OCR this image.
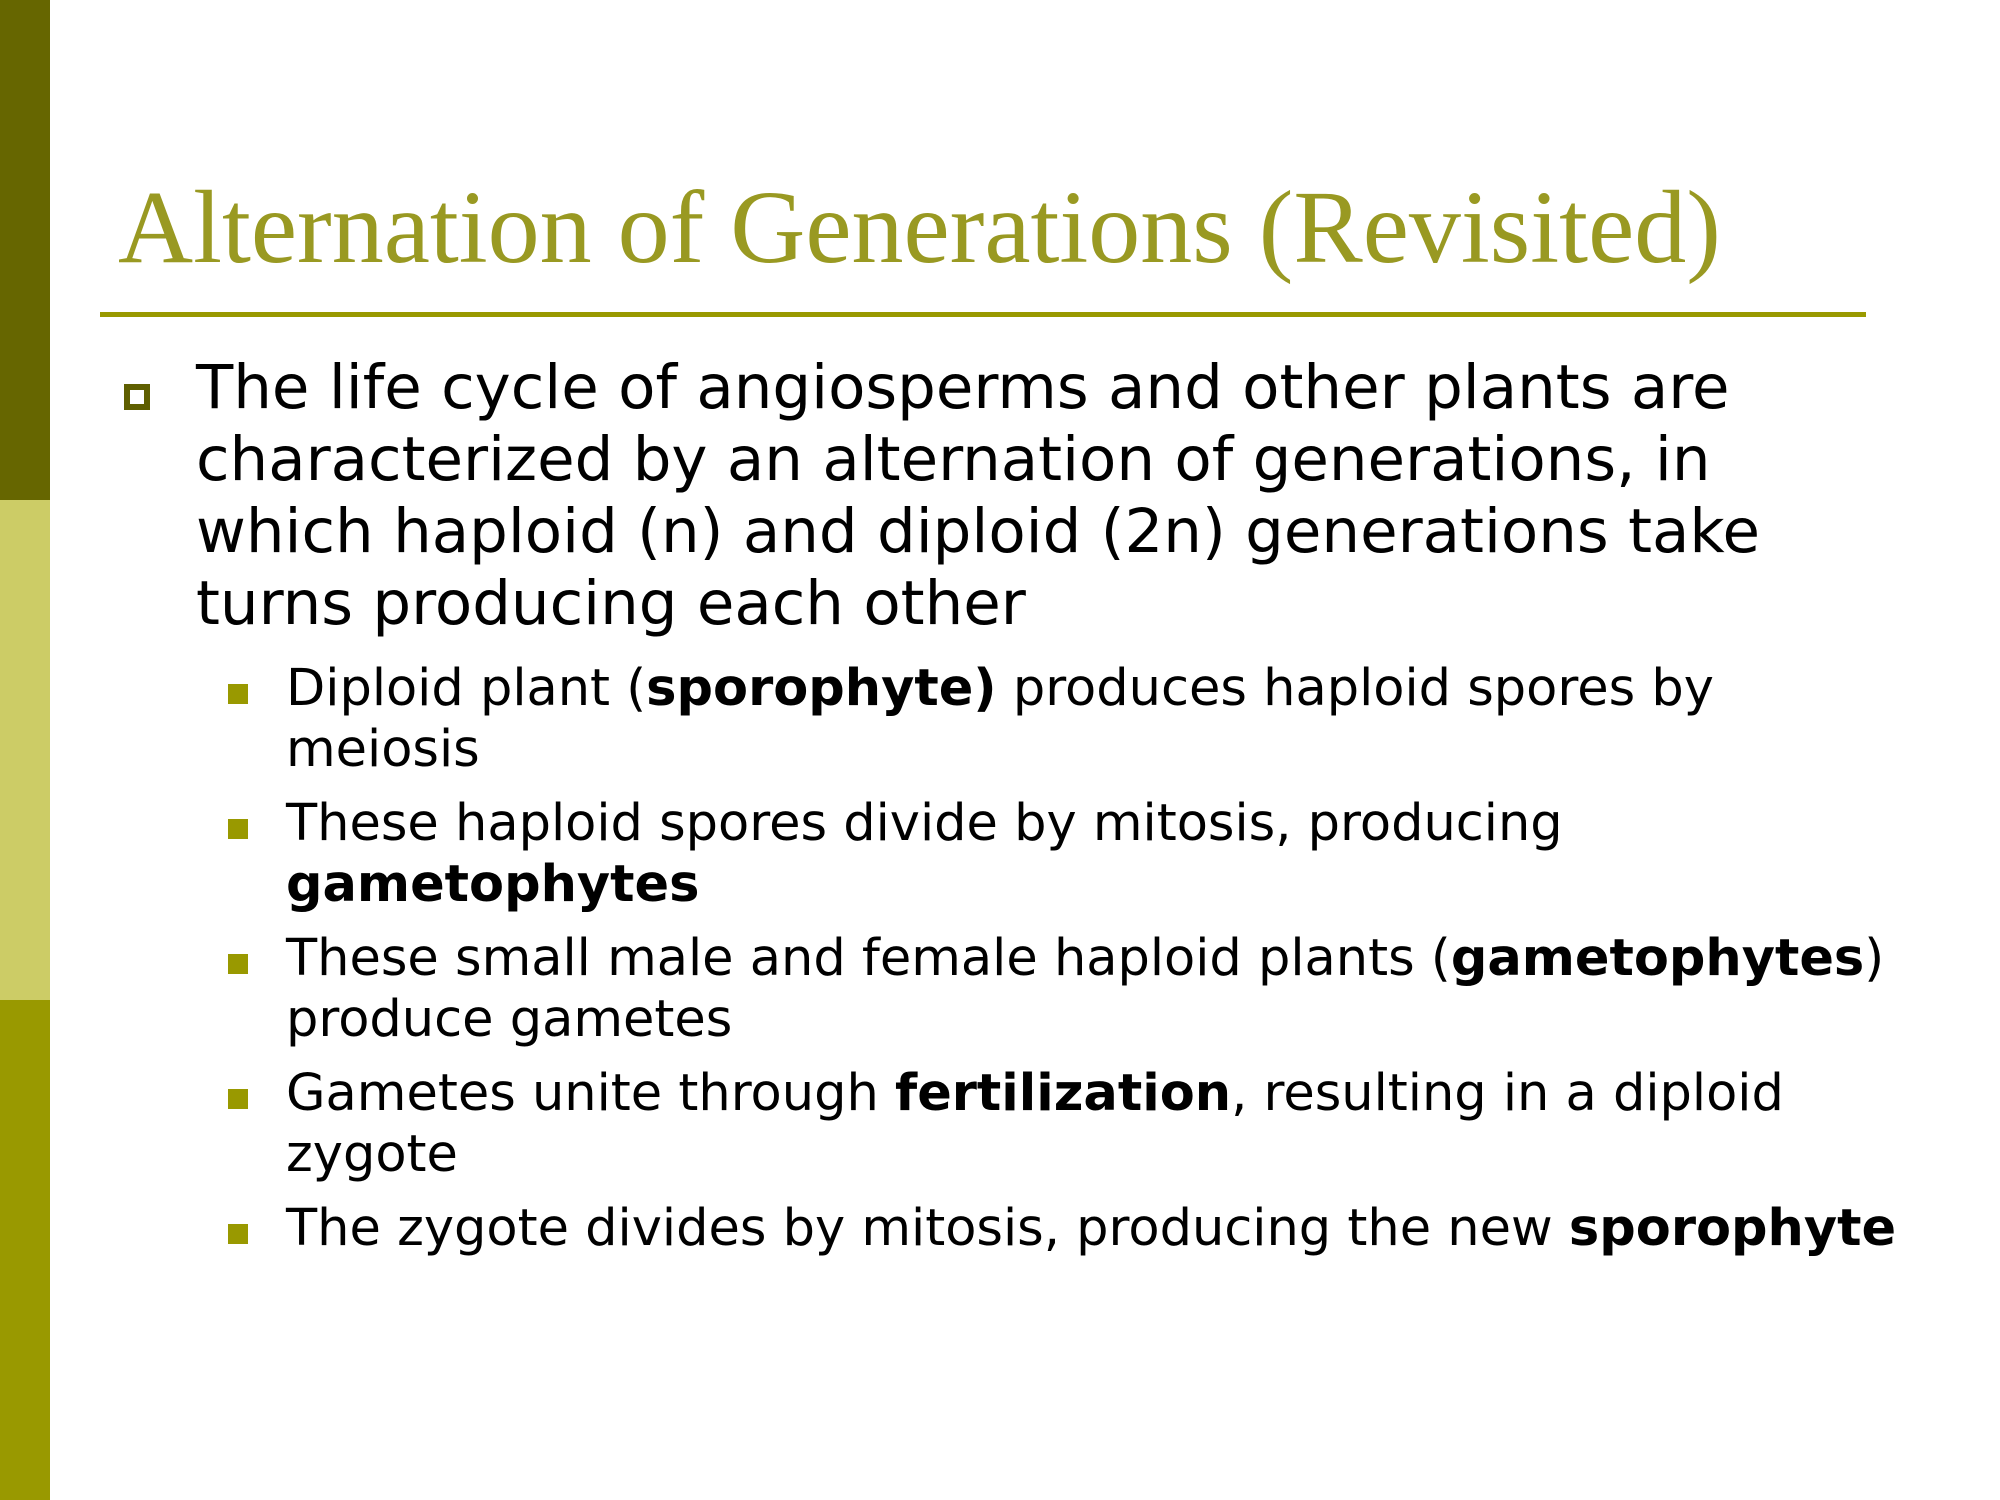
Alternation of Generations (Revisited)
The life cycle of angiosperms and other plants are characterized by an alternation of generations, in which haploid (n) and diploid (2n) generations take turns producing each other
Diploid plant (sporophyte) produces haploid spores by meiosis
These haploid spores divide by mitosis, producing gametophytes
These small male and female haploid plants (gametophytes) produce gametes
Gametes unite through fertilization, resulting in a diploid zygote
The zygote divides by mitosis, producing the new sporophyte
